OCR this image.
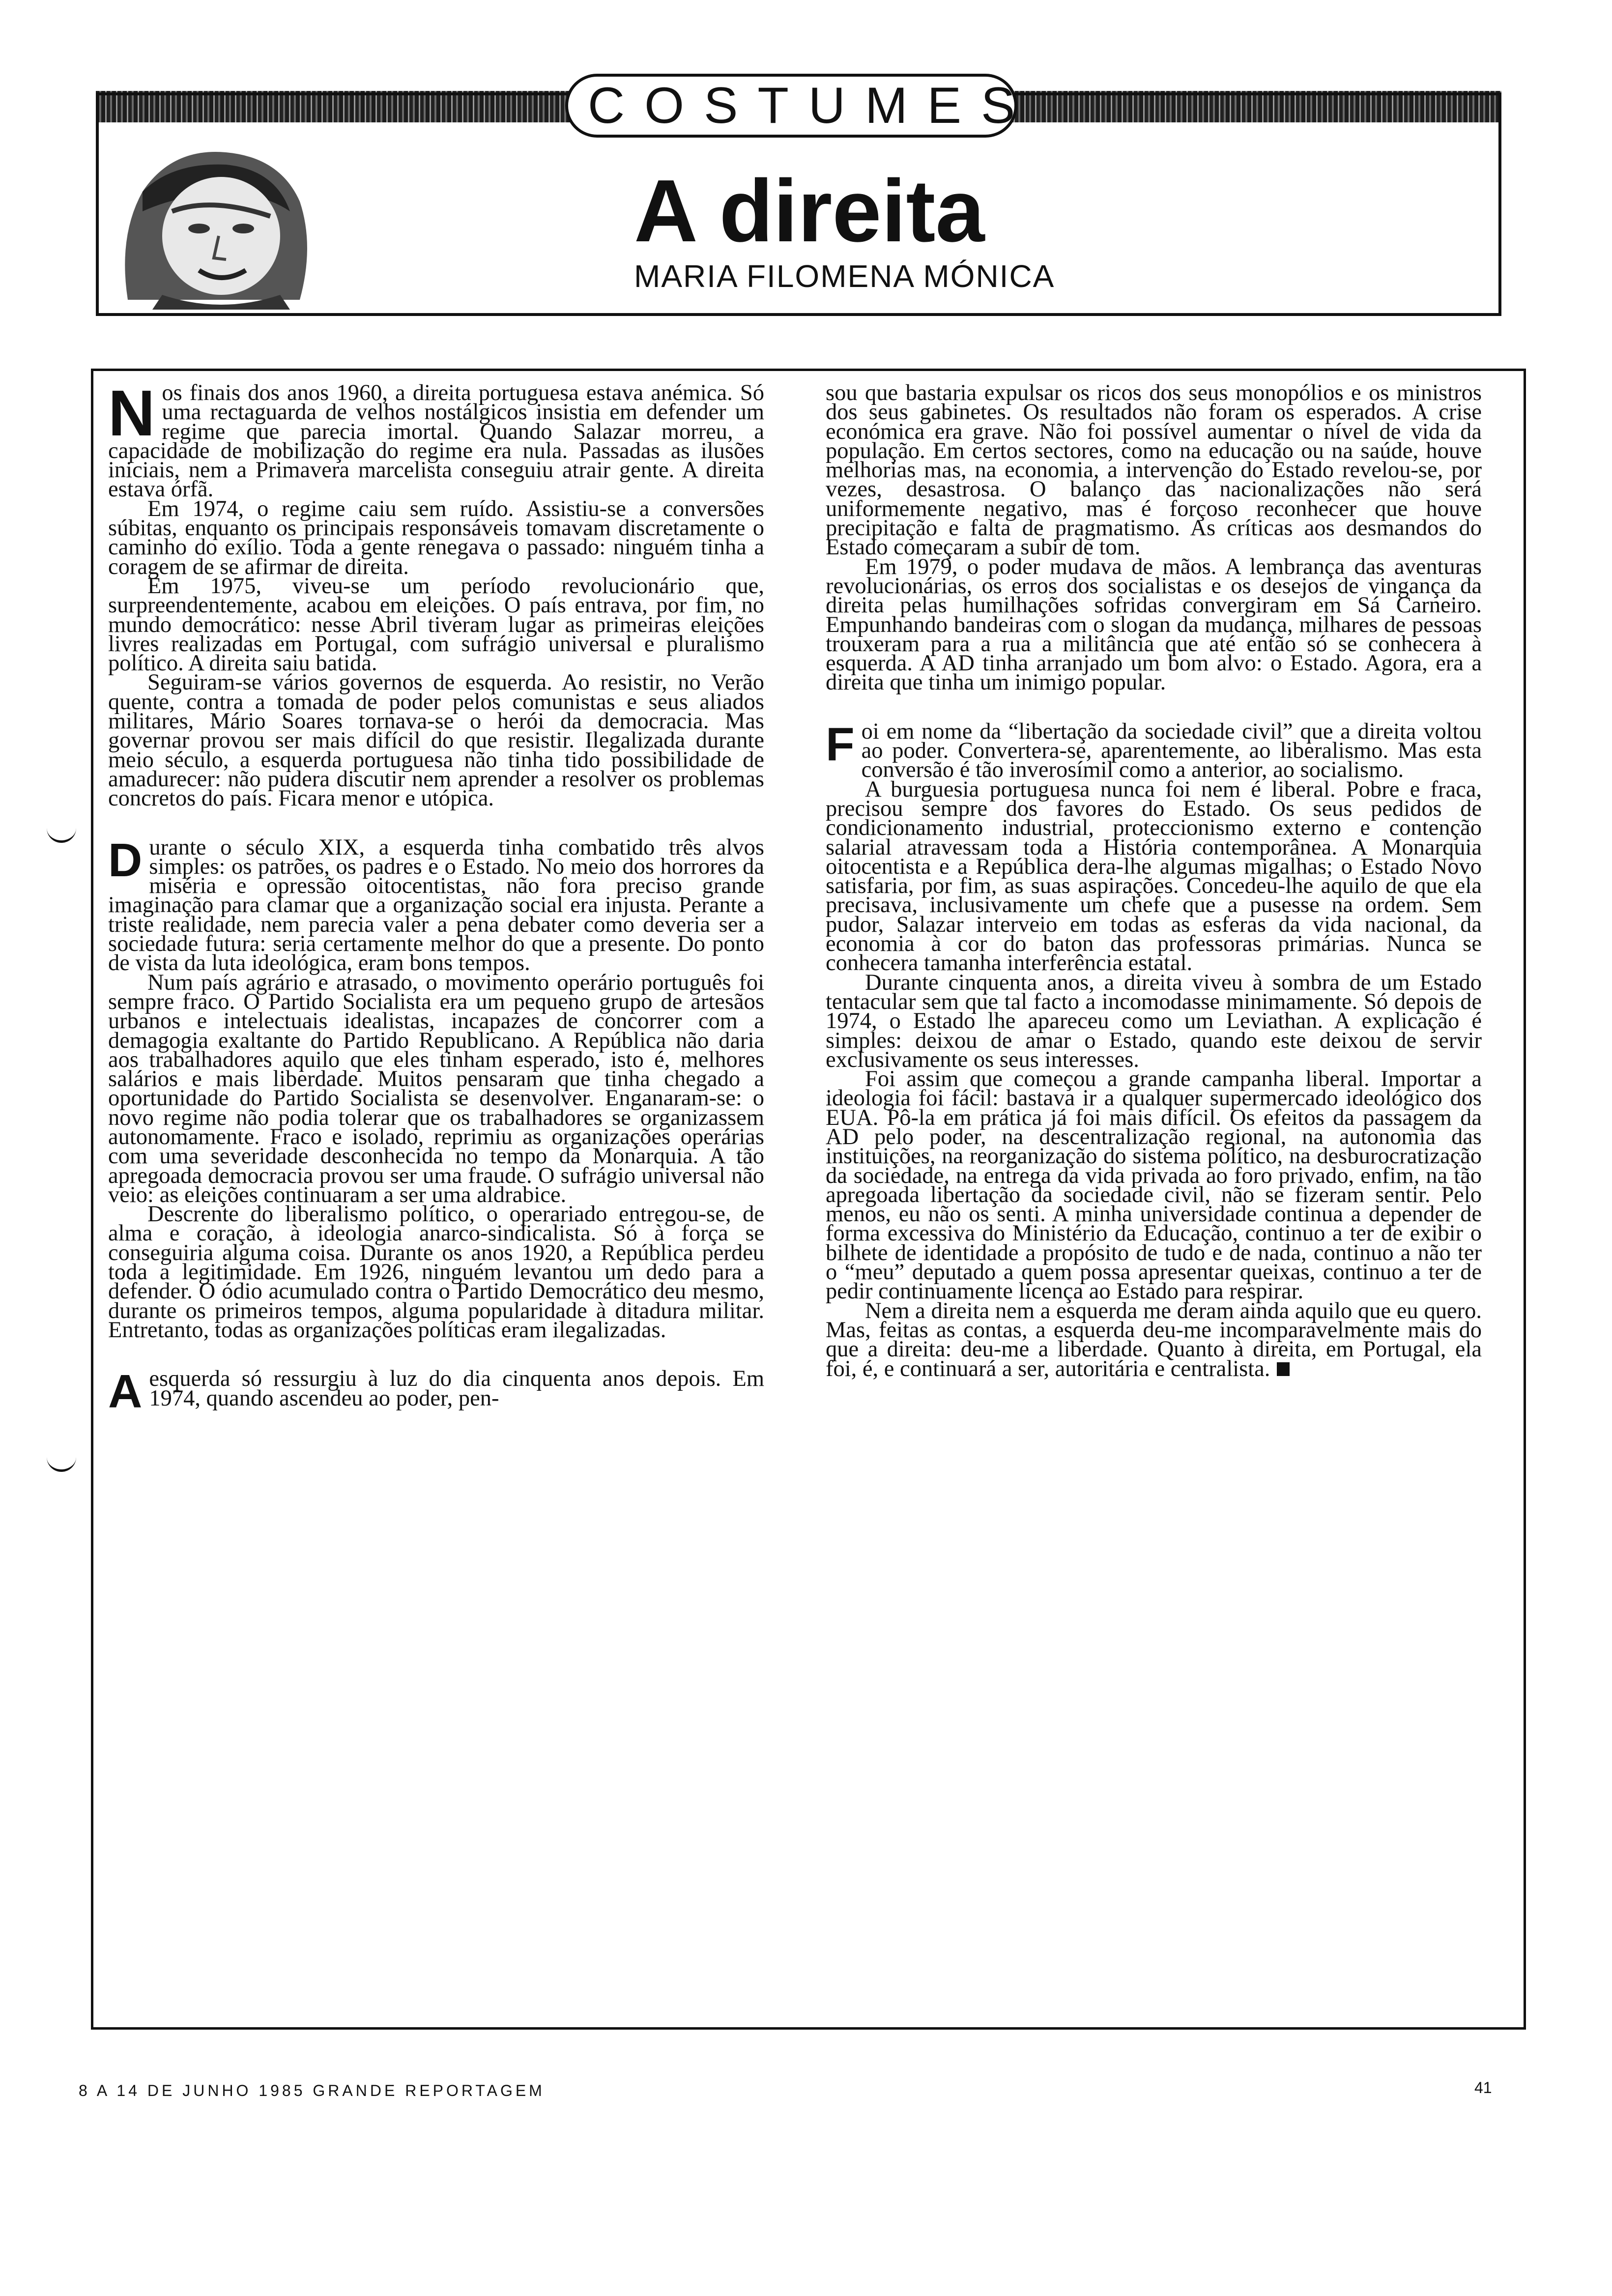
COSTUMES
A direita
MARIA FILOMENA MÓNICA

Nos finais dos anos 1960, a direita portuguesa estava anémica. Só uma rectaguarda de velhos nostálgicos insistia em defender um regime que parecia imortal. Quando Salazar morreu, a capacidade de mobilização do regime era nula. Passadas as ilusões iniciais, nem a Primavera marcelista conseguiu atrair gente. A direita estava órfã.

Em 1974, o regime caiu sem ruído. Assistiu-se a conversões súbitas, enquanto os principais responsáveis tomavam discretamente o caminho do exílio. Toda a gente renegava o passado: ninguém tinha a coragem de se afirmar de direita.

Em 1975, viveu-se um período revolucionário que, surpreendentemente, acabou em eleições. O país entrava, por fim, no mundo democrático: nesse Abril tiveram lugar as primeiras eleições livres realizadas em Portugal, com sufrágio universal e pluralismo político. A direita saiu batida.

Seguiram-se vários governos de esquerda. Ao resistir, no Verão quente, contra a tomada de poder pelos comunistas e seus aliados militares, Mário Soares tornava-se o herói da democracia. Mas governar provou ser mais difícil do que resistir. Ilegalizada durante meio século, a esquerda portuguesa não tinha tido possibilidade de amadurecer: não pudera discutir nem aprender a resolver os problemas concretos do país. Ficara menor e utópica.

Durante o século XIX, a esquerda tinha combatido três alvos simples: os patrões, os padres e o Estado. No meio dos horrores da miséria e opressão oitocentistas, não fora preciso grande imaginação para clamar que a organização social era injusta. Perante a triste realidade, nem parecia valer a pena debater como deveria ser a sociedade futura: seria certamente melhor do que a presente. Do ponto de vista da luta ideológica, eram bons tempos.

Num país agrário e atrasado, o movimento operário português foi sempre fraco. O Partido Socialista era um pequeno grupo de artesãos urbanos e intelectuais idealistas, incapazes de concorrer com a demagogia exaltante do Partido Republicano. A República não daria aos trabalhadores aquilo que eles tinham esperado, isto é, melhores salários e mais liberdade. Muitos pensaram que tinha chegado a oportunidade do Partido Socialista se desenvolver. Enganaram-se: o novo regime não podia tolerar que os trabalhadores se organizassem autonomamente. Fraco e isolado, reprimiu as organizações operárias com uma severidade desconhecida no tempo da Monarquia. A tão apregoada democracia provou ser uma fraude. O sufrágio universal não veio: as eleições continuaram a ser uma aldrabice.

Descrente do liberalismo político, o operariado entregou-se, de alma e coração, à ideologia anarco-sindicalista. Só à força se conseguiria alguma coisa. Durante os anos 1920, a República perdeu toda a legitimidade. Em 1926, ninguém levantou um dedo para a defender. O ódio acumulado contra o Partido Democrático deu mesmo, durante os primeiros tempos, alguma popularidade à ditadura militar. Entretanto, todas as organizações políticas eram ilegalizadas.

Aesquerda só ressurgiu à luz do dia cinquenta anos depois. Em 1974, quando ascendeu ao poder, pen-

sou que bastaria expulsar os ricos dos seus monopólios e os ministros dos seus gabinetes. Os resultados não foram os esperados. A crise económica era grave. Não foi possível aumentar o nível de vida da população. Em certos sectores, como na educação ou na saúde, houve melhorias mas, na economia, a intervenção do Estado revelou-se, por vezes, desastrosa. O balanço das nacionalizações não será uniformemente negativo, mas é forçoso reconhecer que houve precipitação e falta de pragmatismo. As críticas aos desmandos do Estado começaram a subir de tom.

Em 1979, o poder mudava de mãos. A lembrança das aventuras revolucionárias, os erros dos socialistas e os desejos de vingança da direita pelas humilhações sofridas convergiram em Sá Carneiro. Empunhando bandeiras com o slogan da mudança, milhares de pessoas trouxeram para a rua a militância que até então só se conhecera à esquerda. A AD tinha arranjado um bom alvo: o Estado. Agora, era a direita que tinha um inimigo popular.

Foi em nome da “libertação da sociedade civil” que a direita voltou ao poder. Convertera-se, aparentemente, ao liberalismo. Mas esta conversão é tão inverosímil como a anterior, ao socialismo.

A burguesia portuguesa nunca foi nem é liberal. Pobre e fraca, precisou sempre dos favores do Estado. Os seus pedidos de condicionamento industrial, proteccionismo externo e contenção salarial atravessam toda a História contemporânea. A Monarquia oitocentista e a República dera-lhe algumas migalhas; o Estado Novo satisfaria, por fim, as suas aspirações. Concedeu-lhe aquilo de que ela precisava, inclusivamente um chefe que a pusesse na ordem. Sem pudor, Salazar interveio em todas as esferas da vida nacional, da economia à cor do baton das professoras primárias. Nunca se conhecera tamanha interferência estatal.

Durante cinquenta anos, a direita viveu à sombra de um Estado tentacular sem que tal facto a incomodasse minimamente. Só depois de 1974, o Estado lhe apareceu como um Leviathan. A explicação é simples: deixou de amar o Estado, quando este deixou de servir exclusivamente os seus interesses.

Foi assim que começou a grande campanha liberal. Importar a ideologia foi fácil: bastava ir a qualquer supermercado ideológico dos EUA. Pô-la em prática já foi mais difícil. Os efeitos da passagem da AD pelo poder, na descentralização regional, na autonomia das instituições, na reorganização do sistema político, na desburocratização da sociedade, na entrega da vida privada ao foro privado, enfim, na tão apregoada libertação da sociedade civil, não se fizeram sentir. Pelo menos, eu não os senti. A minha universidade continua a depender de forma excessiva do Ministério da Educação, continuo a ter de exibir o bilhete de identidade a propósito de tudo e de nada, continuo a não ter o “meu” deputado a quem possa apresentar queixas, continuo a ter de pedir continuamente licença ao Estado para respirar.

Nem a direita nem a esquerda me deram ainda aquilo que eu quero. Mas, feitas as contas, a esquerda deu-me incomparavelmente mais do que a direita: deu-me a liberdade. Quanto à direita, em Portugal, ela foi, é, e continuará a ser, autoritária e centralista.

8 A 14 DE JUNHO 1985 GRANDE REPORTAGEM	41
